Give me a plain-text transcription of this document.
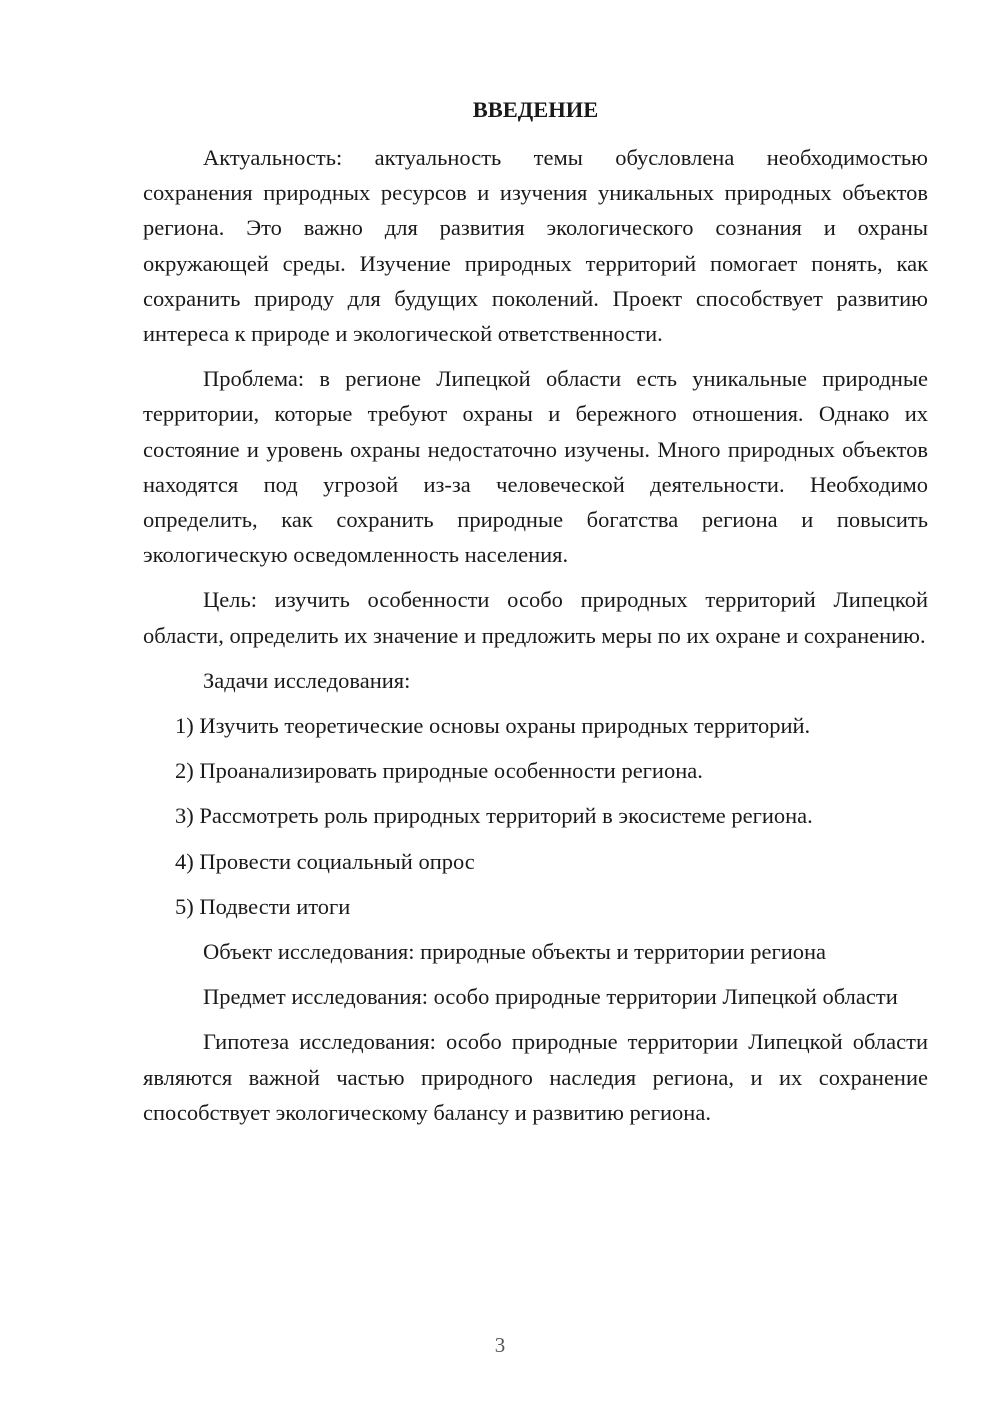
ВВЕДЕНИЕ

Актуальность: актуальность темы обусловлена необходимостью сохранения природных ресурсов и изучения уникальных природных объектов региона. Это важно для развития экологического сознания и охраны окружающей среды. Изучение природных территорий помогает понять, как сохранить природу для будущих поколений. Проект способствует развитию интереса к природе и экологической ответственности.

Проблема: в регионе Липецкой области есть уникальные природные территории, которые требуют охраны и бережного отношения. Однако их состояние и уровень охраны недостаточно изучены. Много природных объектов находятся под угрозой из-за человеческой деятельности. Необходимо определить, как сохранить природные богатства региона и повысить экологическую осведомленность населения.

Цель: изучить особенности особо природных территорий Липецкой области, определить их значение и предложить меры по их охране и сохранению.

Задачи исследования:

1) Изучить теоретические основы охраны природных территорий.

2) Проанализировать природные особенности региона.

3) Рассмотреть роль природных территорий в экосистеме региона.

4) Провести социальный опрос

5) Подвести итоги

Объект исследования: природные объекты и территории региона

Предмет исследования: особо природные территории Липецкой области

Гипотеза исследования: особо природные территории Липецкой области являются важной частью природного наследия региона, и их сохранение способствует экологическому балансу и развитию региона.

3
